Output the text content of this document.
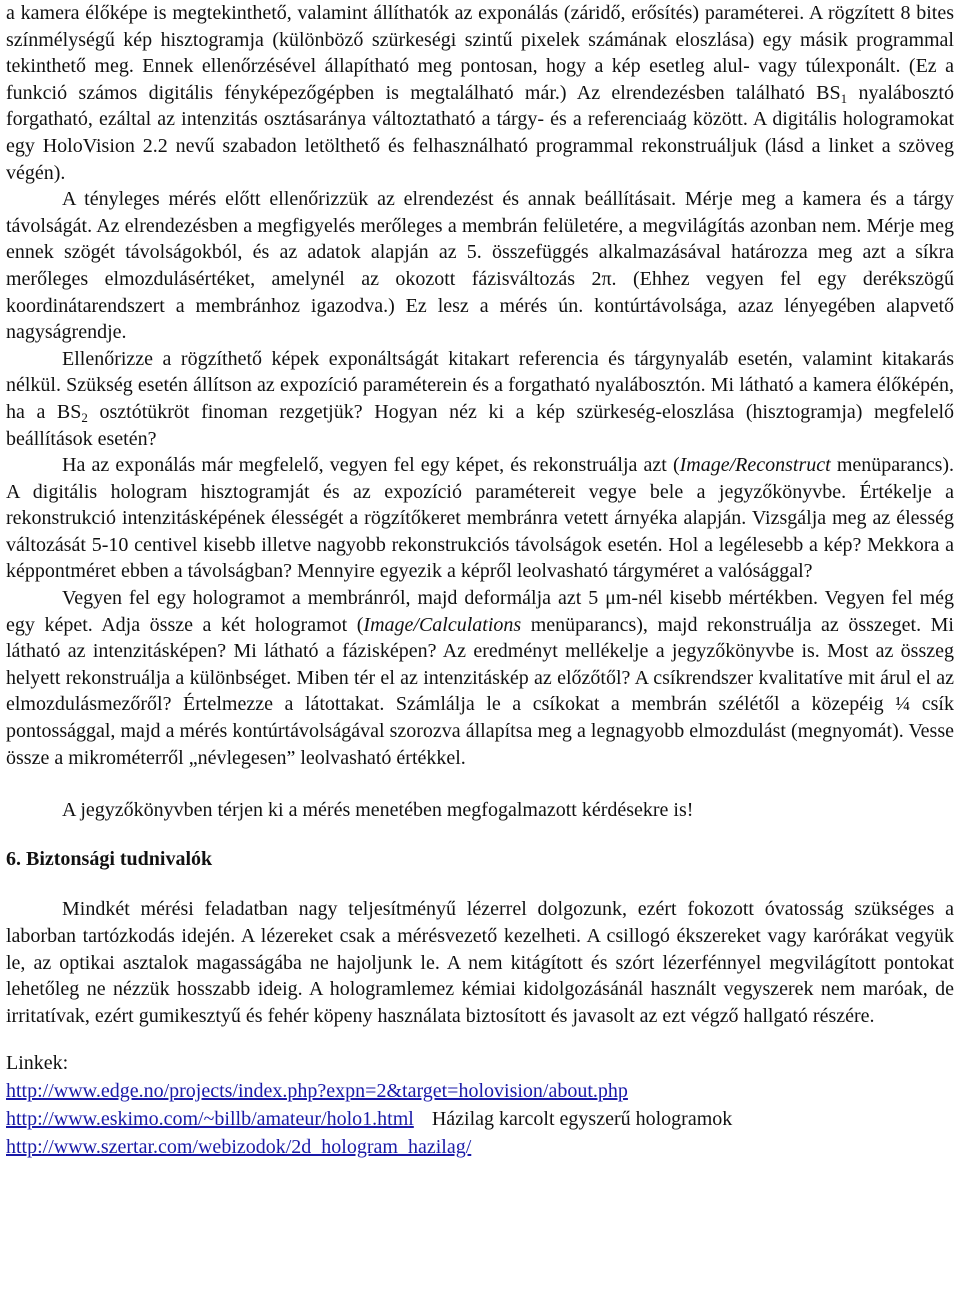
a kamera élőképe is megtekinthető, valamint állíthatók az exponálás (záridő, erősítés) paraméterei. A rögzített 8 bites színmélységű kép hisztogramja (különböző szürkeségi szintű pixelek számának eloszlása) egy másik programmal tekinthető meg. Ennek ellenőrzésével állapítható meg pontosan, hogy a kép esetleg alul- vagy túlexponált. (Ez a funkció számos digitális fényképezőgépben is megtalálható már.) Az elrendezésben található $BS_1$ nyalábosztó forgatható, ezáltal az intenzitás osztásaránya változtatható a tárgy- és a referenciaág között. A digitális hologramokat egy HoloVision 2.2 nevű szabadon letölthető és felhasználható programmal rekonstruáljuk (lásd a linket a szöveg végén).

A tényleges mérés előtt ellenőrizzük az elrendezést és annak beállításait. Mérje meg a kamera és a tárgy távolságát. Az elrendezésben a megfigyelés merőleges a membrán felületére, a megvilágítás azonban nem. Mérje meg ennek szögét távolságokból, és az adatok alapján az 5. összefüggés alkalmazásával határozza meg azt a síkra merőleges elmozdulásértéket, amelynél az okozott fázisváltozás 2π. (Ehhez vegyen fel egy derékszögű koordinátarendszert a membránhoz igazodva.) Ez lesz a mérés ún. kontúrtávolsága, azaz lényegében alapvető nagyságrendje.

Ellenőrizze a rögzíthető képek exponáltságát kitakart referencia és tárgynyaláb esetén, valamint kitakarás nélkül. Szükség esetén állítson az expozíció paraméterein és a forgatható nyalábosztón. Mi látható a kamera élőképén, ha a $BS_2$ osztótükröt finoman rezgetjük? Hogyan néz ki a kép szürkeség-eloszlása (hisztogramja) megfelelő beállítások esetén?

Ha az exponálás már megfelelő, vegyen fel egy képet, és rekonstruálja azt (Image/Reconstruct menüparancs). A digitális hologram hisztogramját és az expozíció paramétereit vegye bele a jegyzőkönyvbe. Értékelje a rekonstrukció intenzitásképének élességét a rögzítőkeret membránra vetett árnyéka alapján. Vizsgálja meg az élesség változását 5-10 centivel kisebb illetve nagyobb rekonstrukciós távolságok esetén. Hol a legélesebb a kép? Mekkora a képpontméret ebben a távolságban? Mennyire egyezik a képről leolvasható tárgyméret a valósággal?

Vegyen fel egy hologramot a membránról, majd deformálja azt 5 μm-nél kisebb mértékben. Vegyen fel még egy képet. Adja össze a két hologramot (Image/Calculations menüparancs), majd rekonstruálja az összeget. Mi látható az intenzitásképen? Mi látható a fázisképen? Az eredményt mellékelje a jegyzőkönyvbe is. Most az összeg helyett rekonstruálja a különbséget. Miben tér el az intenzitáskép az előzőtől? A csíkrendszer kvalitatíve mit árul el az elmozdulásmezőről? Értelmezze a látottakat. Számlálja le a csíkokat a membrán szélétől a közepéig ¼ csík pontossággal, majd a mérés kontúrtávolságával szorozva állapítsa meg a legnagyobb elmozdulást (megnyomát). Vesse össze a mikrométerről „névlegesen” leolvasható értékkel.

A jegyzőkönyvben térjen ki a mérés menetében megfogalmazott kérdésekre is!

6. Biztonsági tudnivalók

Mindkét mérési feladatban nagy teljesítményű lézerrel dolgozunk, ezért fokozott óvatosság szükséges a laborban tartózkodás idején. A lézereket csak a mérésvezető kezelheti. A csillogó ékszereket vagy karórákat vegyük le, az optikai asztalok magasságába ne hajoljunk le. A nem kitágított és szórt lézerfénnyel megvilágított pontokat lehetőleg ne nézzük hosszabb ideig. A hologramlemez kémiai kidolgozásánál használt vegyszerek nem maróak, de irritatívak, ezért gumikesztyű és fehér köpeny használata biztosított és javasolt az ezt végző hallgató részére.

Linkek:

http://www.edge.no/projects/index.php?expn=2&target=holovision/about.php

http://www.eskimo.com/~billb/amateur/holo1.html Házilag karcolt egyszerű hologramok

http://www.szertar.com/webizodok/2d_hologram_hazilag/
